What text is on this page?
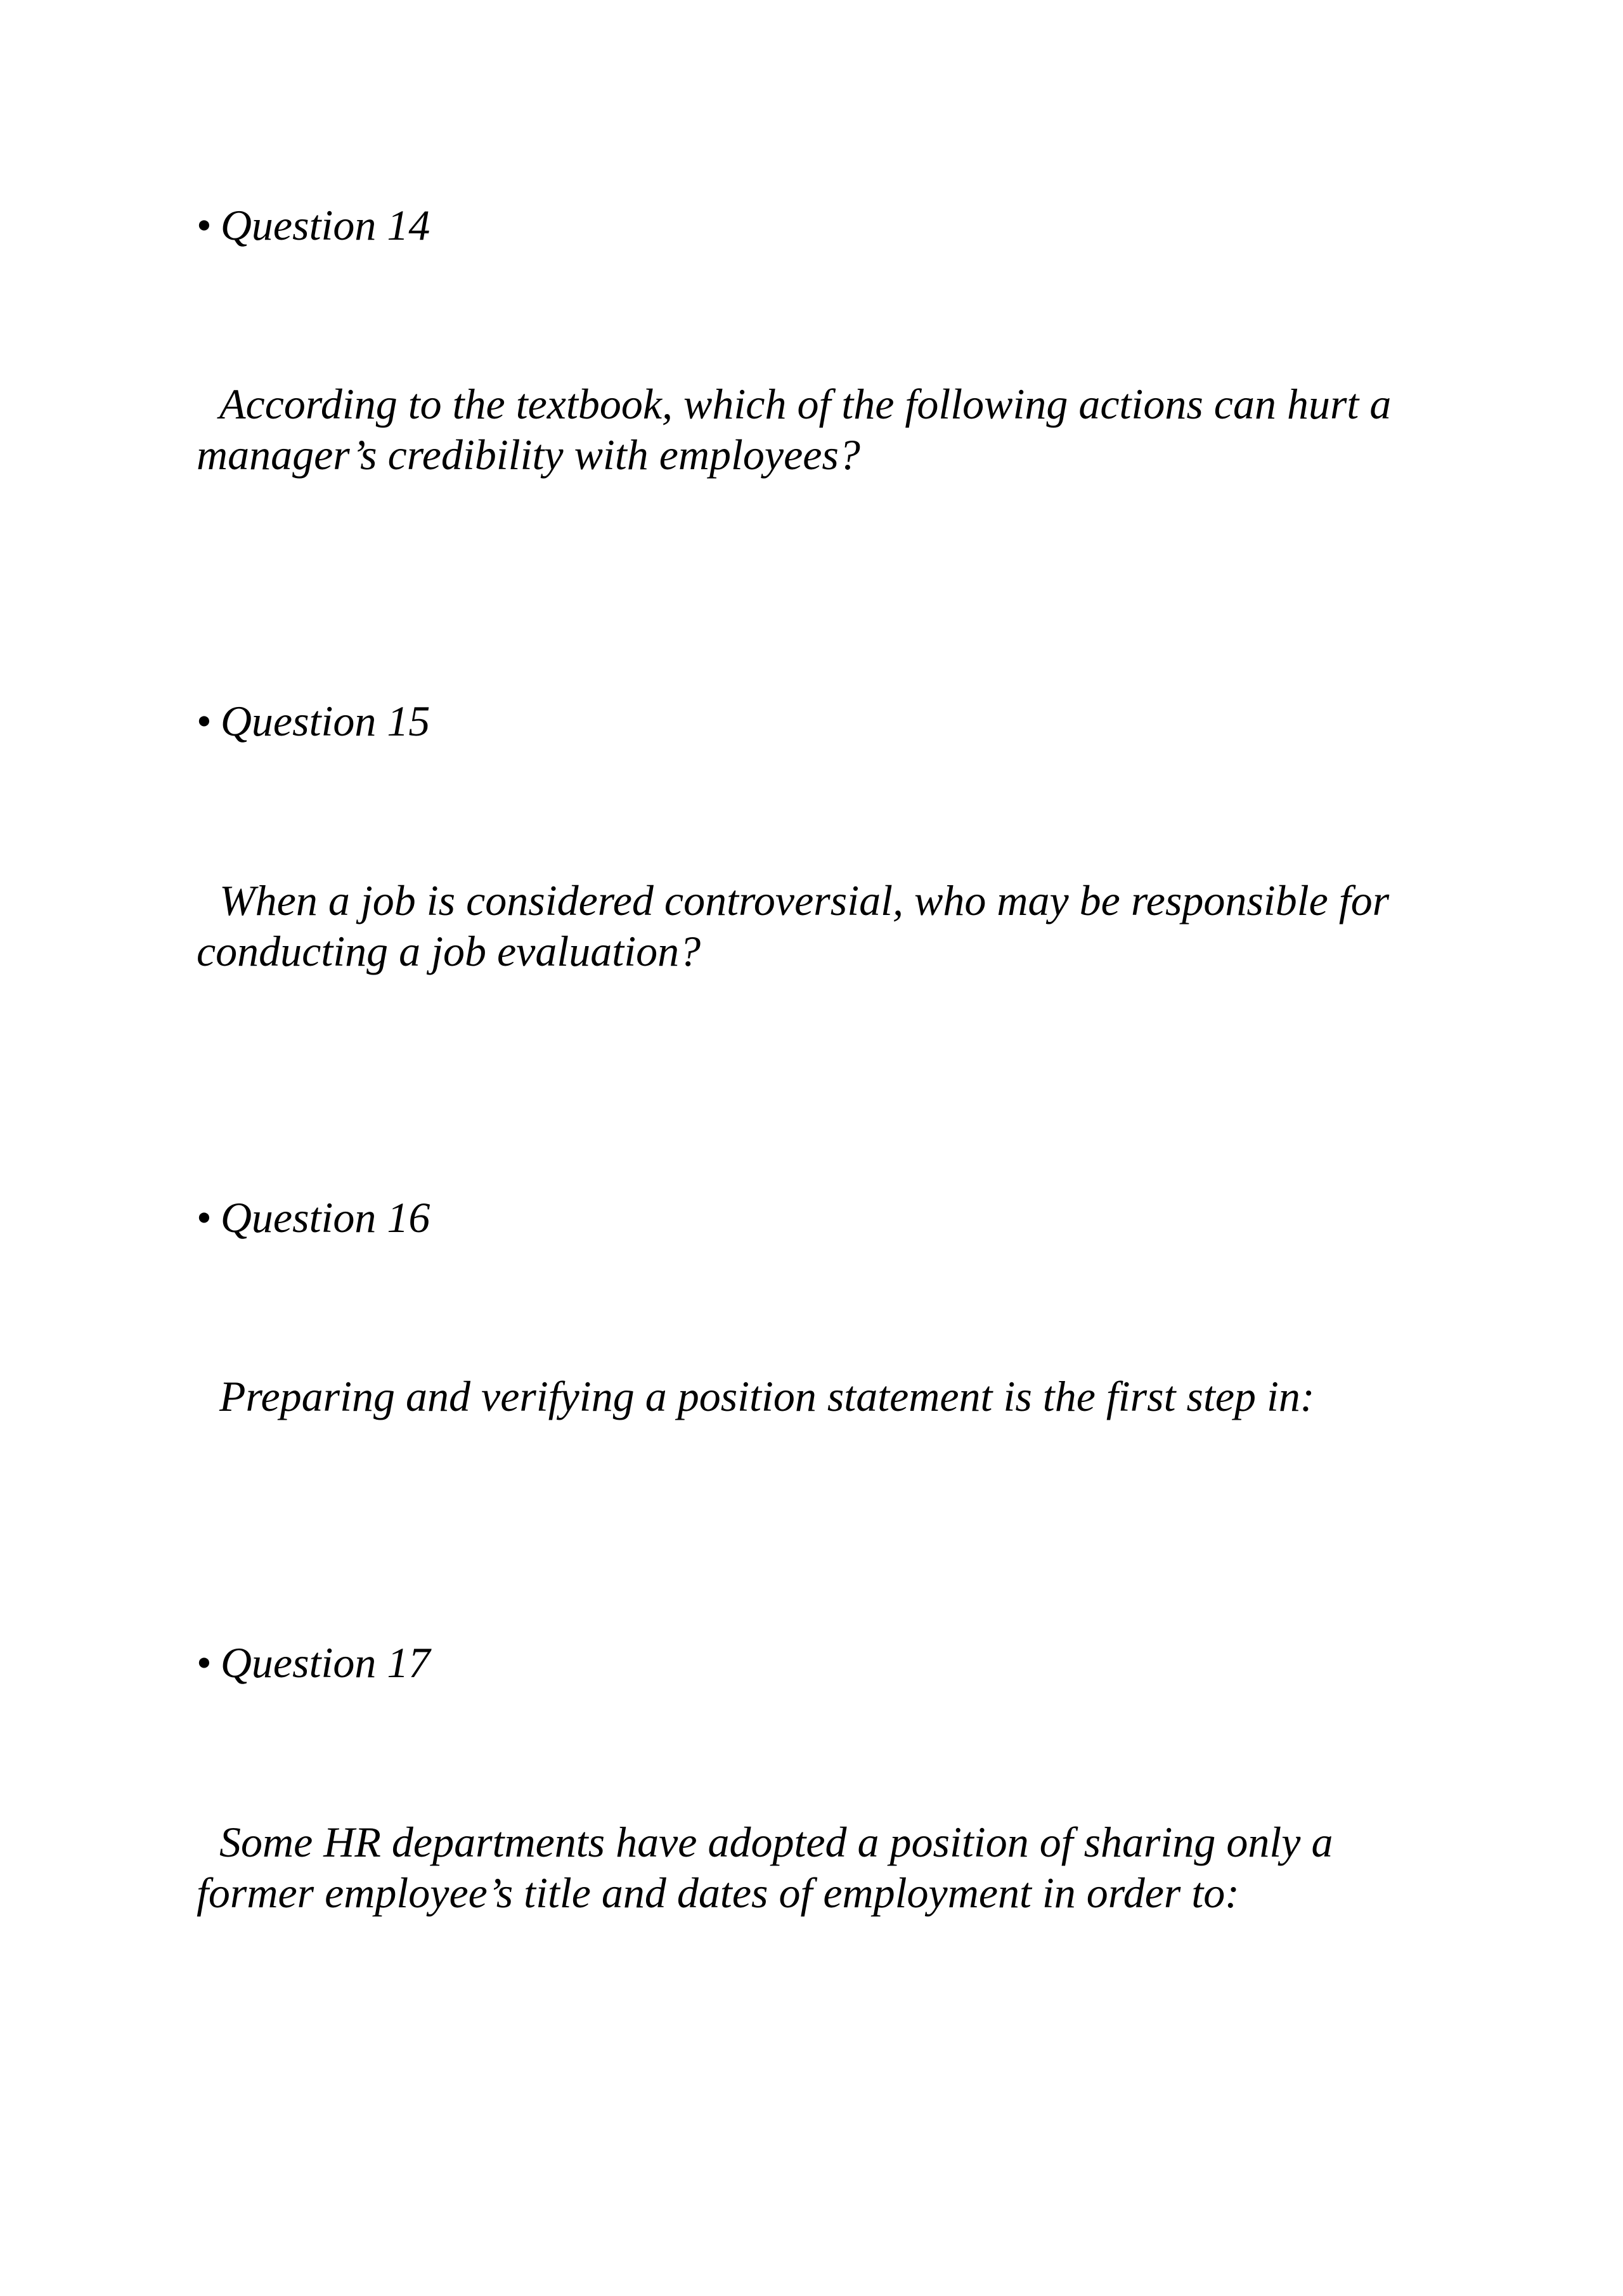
• Question 14
According to the textbook, which of the following actions can hurt a manager’s credibility with employees?
• Question 15
When a job is considered controversial, who may be responsible for conducting a job evaluation?
• Question 16
Preparing and verifying a position statement is the first step in:
• Question 17
Some HR departments have adopted a position of sharing only a former employee’s title and dates of employment in order to:
